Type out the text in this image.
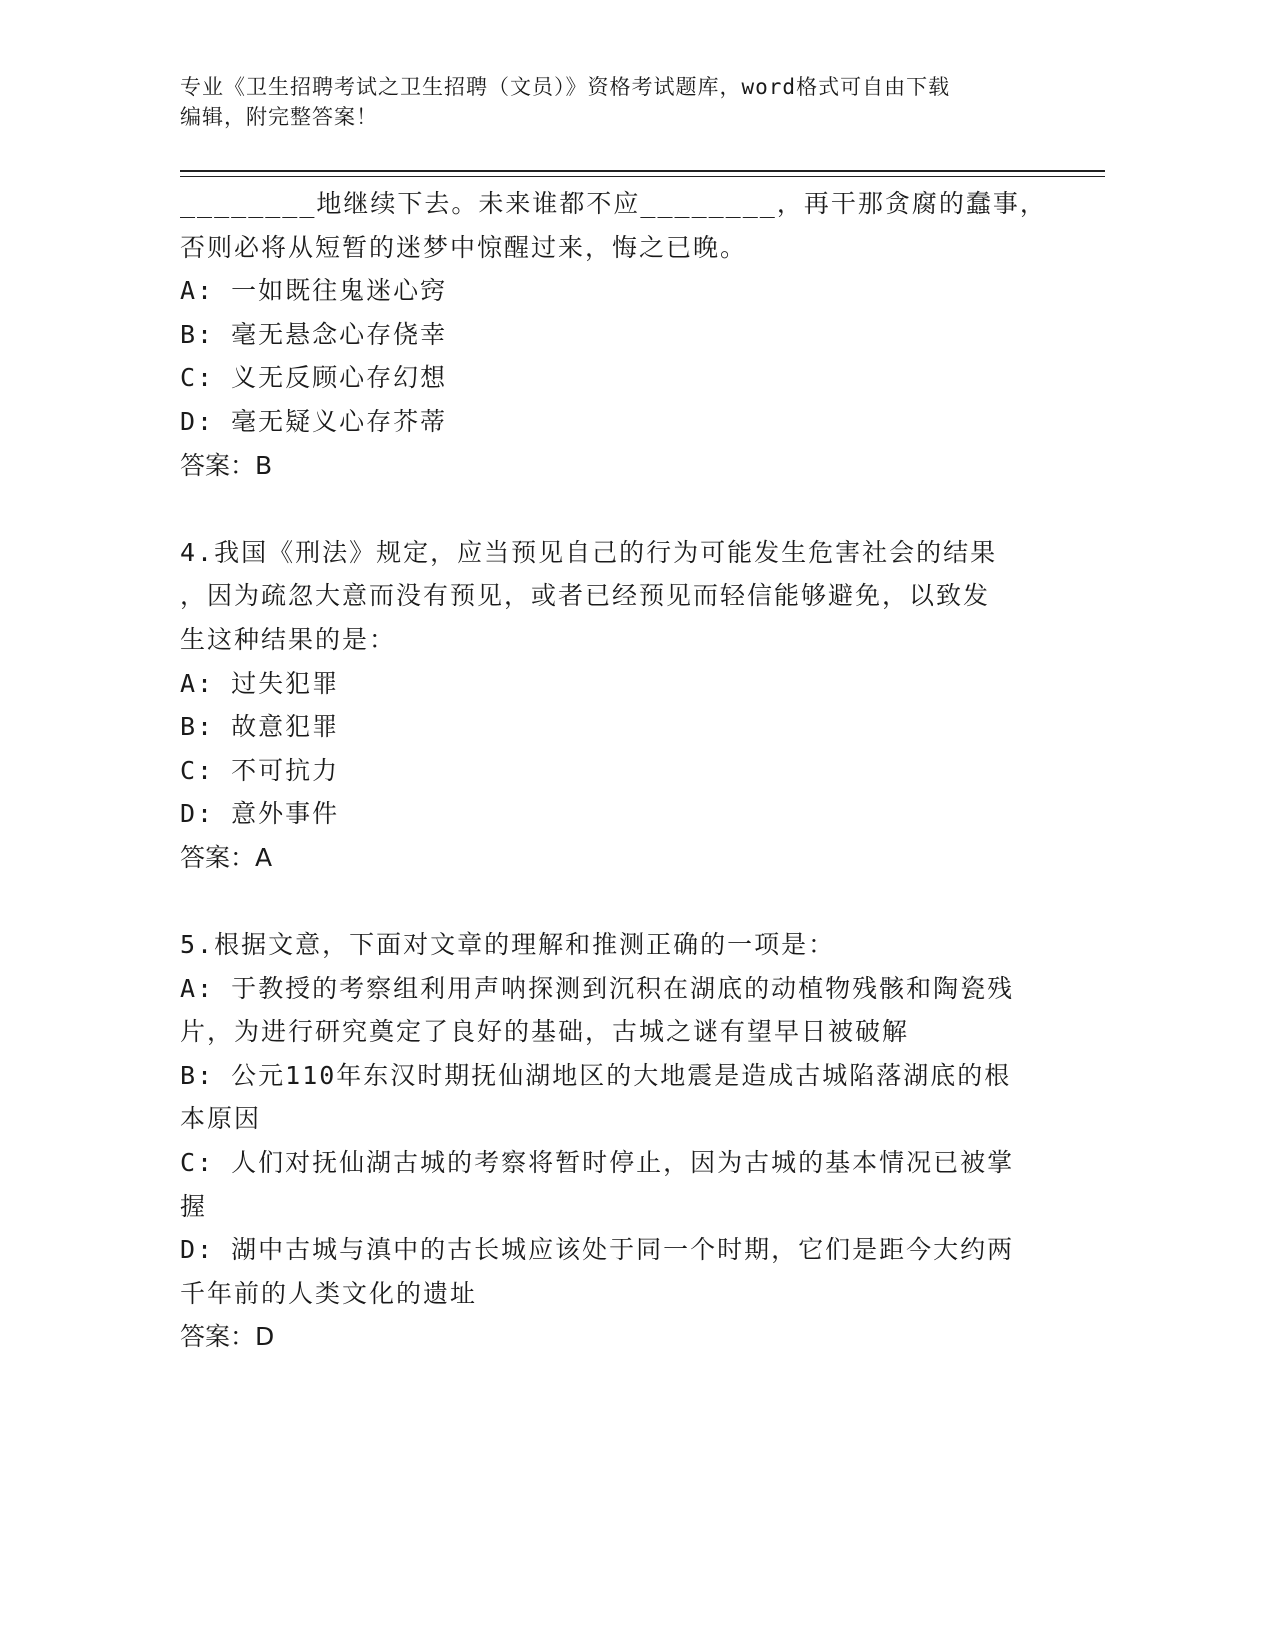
专业《卫生招聘考试之卫生招聘（文员）》资格考试题库，word格式可自由下载
编辑，附完整答案！
________地继续下去。未来谁都不应________，再干那贪腐的蠢事，
否则必将从短暂的迷梦中惊醒过来，悔之已晚。
A: 一如既往鬼迷心窍
B: 毫无悬念心存侥幸
C: 义无反顾心存幻想
D: 毫无疑义心存芥蒂
答案：B
4.我国《刑法》规定，应当预见自己的行为可能发生危害社会的结果
，因为疏忽大意而没有预见，或者已经预见而轻信能够避免，以致发
生这种结果的是：
A: 过失犯罪
B: 故意犯罪
C: 不可抗力
D: 意外事件
答案：A
5.根据文意，下面对文章的理解和推测正确的一项是：
A: 于教授的考察组利用声呐探测到沉积在湖底的动植物残骸和陶瓷残
片，为进行研究奠定了良好的基础，古城之谜有望早日被破解
B: 公元110年东汉时期抚仙湖地区的大地震是造成古城陷落湖底的根
本原因
C: 人们对抚仙湖古城的考察将暂时停止，因为古城的基本情况已被掌
握
D: 湖中古城与滇中的古长城应该处于同一个时期，它们是距今大约两
千年前的人类文化的遗址
答案：D
